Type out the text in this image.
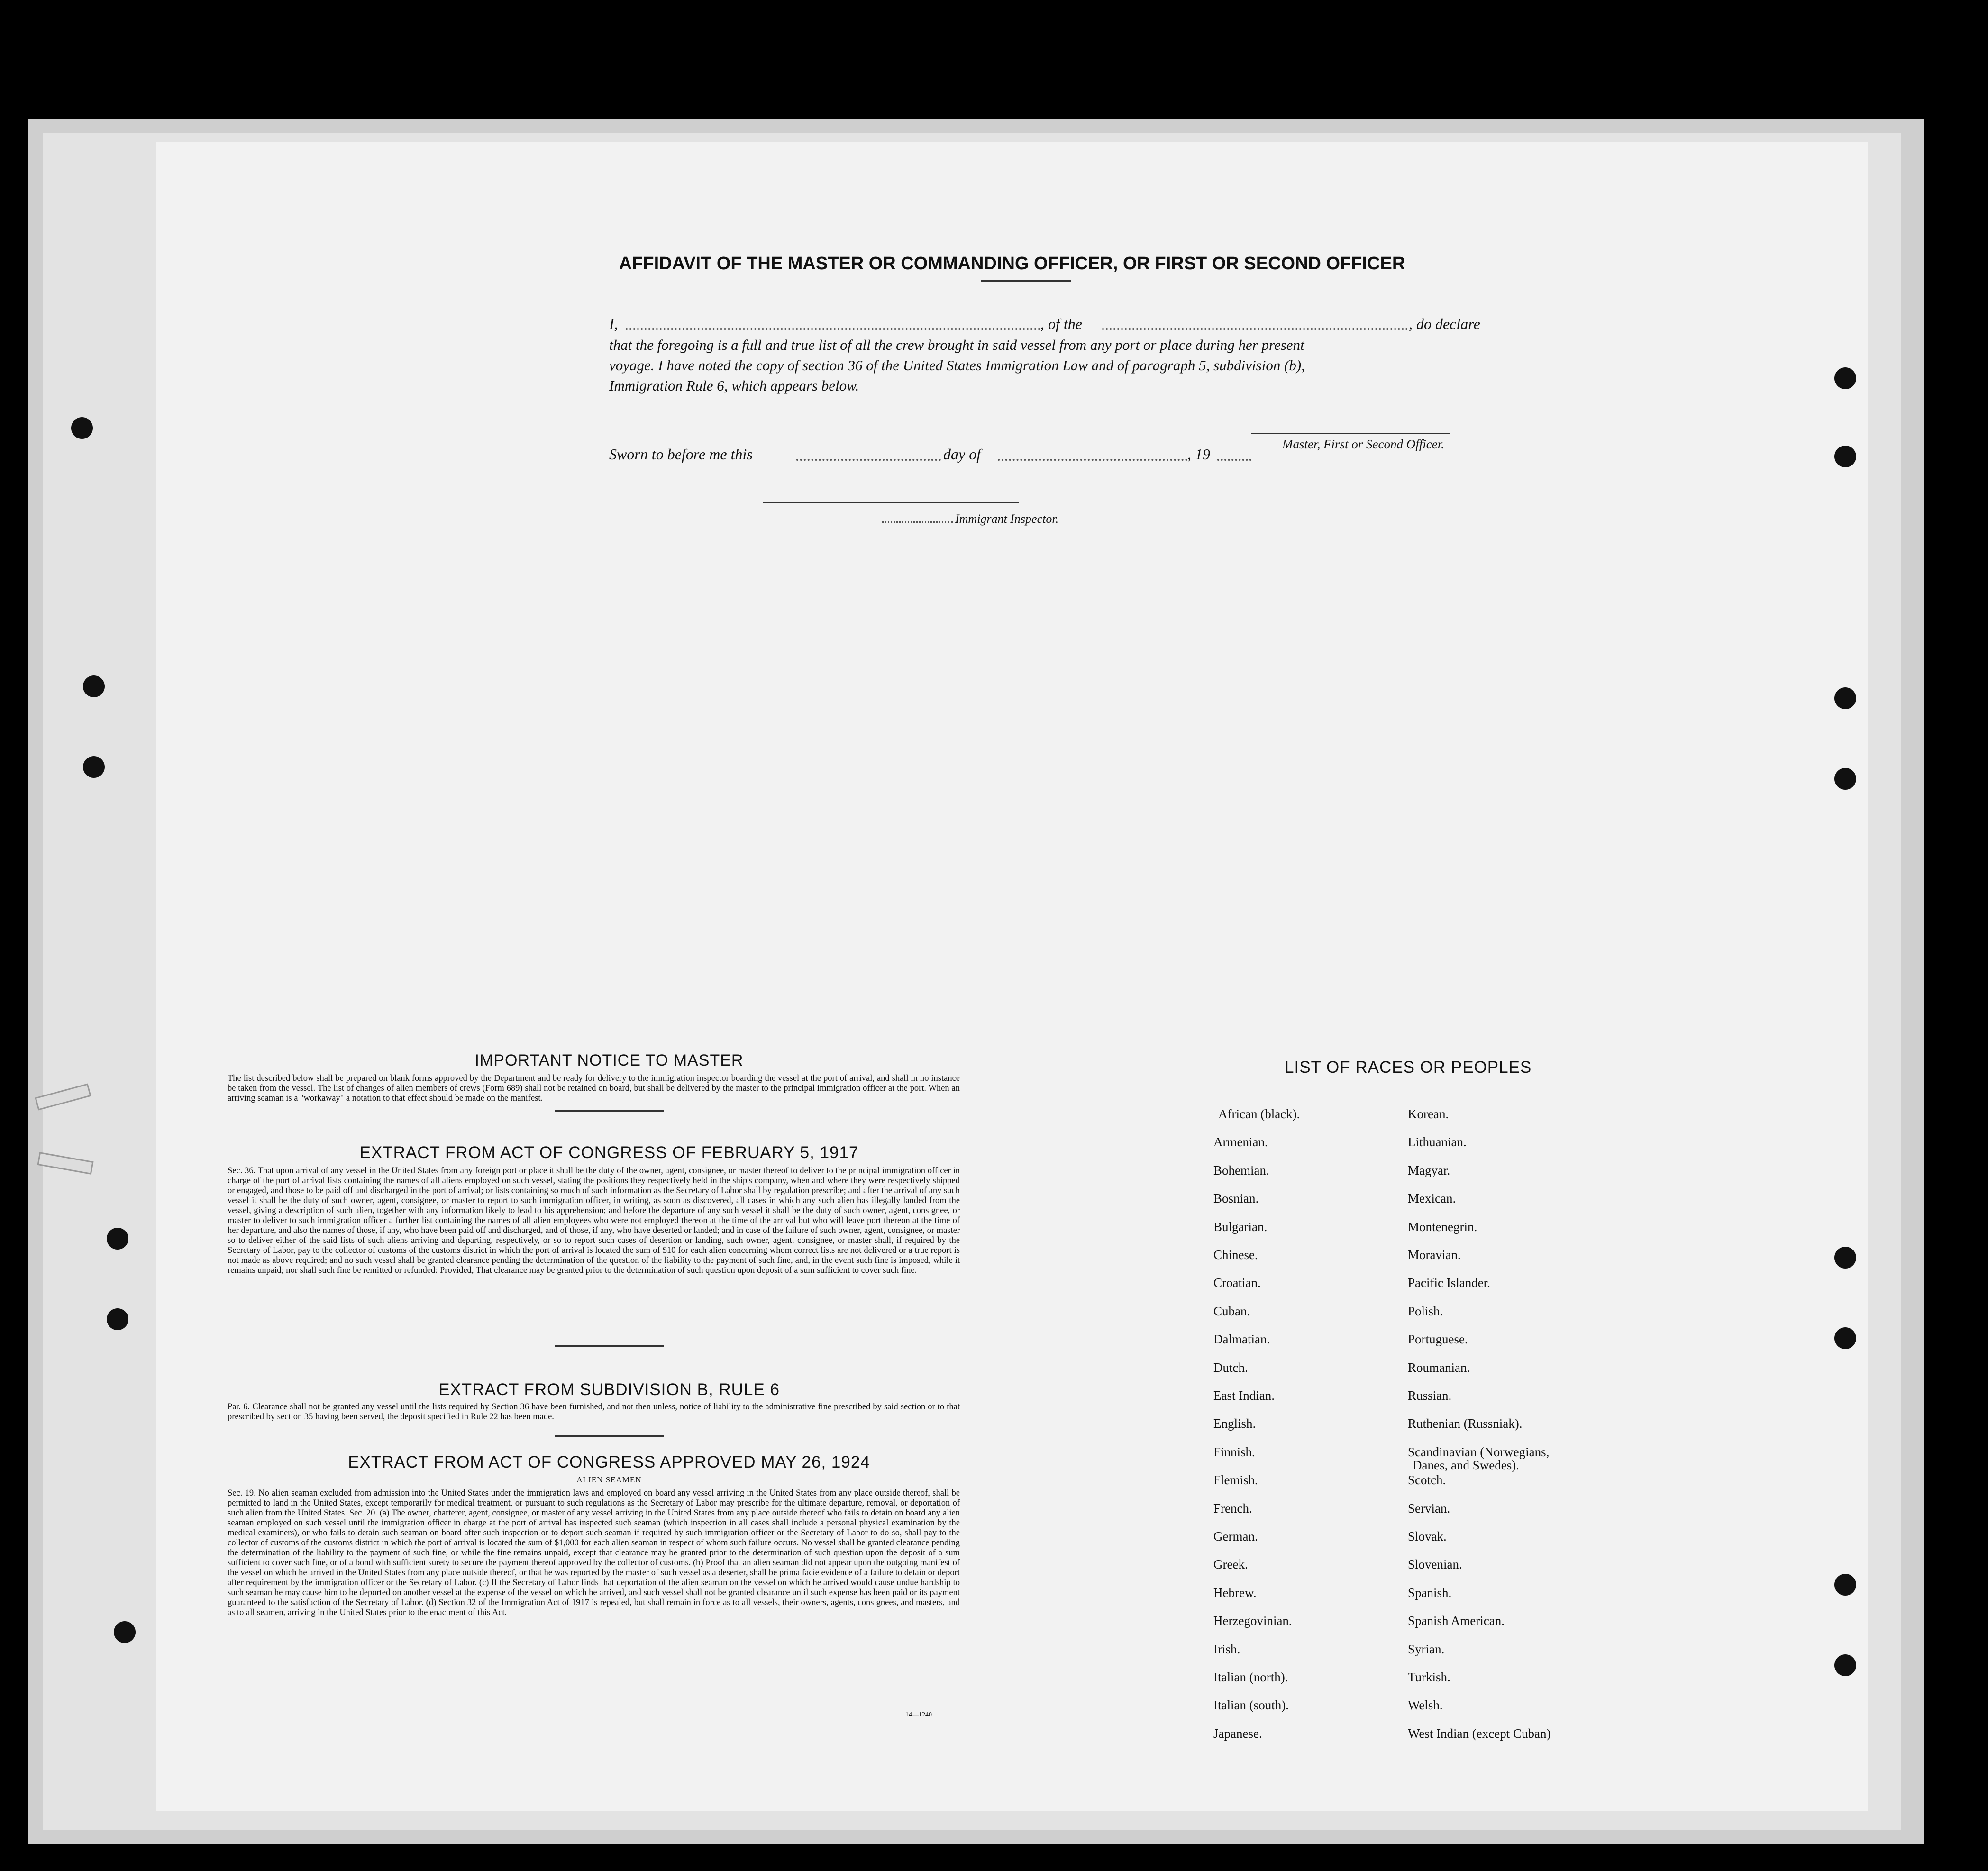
AFFIDAVIT OF THE MASTER OR COMMANDING OFFICER, OR FIRST OR SECOND OFFICER
I,	, of the	, do declare
that the foregoing is a full and true list of all the crew brought in said vessel from any port or place during her present
voyage. I have noted the copy of section 36 of the United States Immigration Law and of paragraph 5, subdivision (b),
Immigration Rule 6, which appears below.
Master, First or Second Officer.
Sworn to before me this	day of	, 19
Immigrant Inspector.
IMPORTANT NOTICE TO MASTER
The list described below shall be prepared on blank forms approved by the Department and be ready for delivery to the immigration inspector boarding the vessel at the port of arrival, and shall in no instance be taken from the vessel. The list of changes of alien members of crews (Form 689) shall not be retained on board, but shall be delivered by the master to the principal immigration officer at the port. When an arriving seaman is a "workaway" a notation to that effect should be made on the manifest.
EXTRACT FROM ACT OF CONGRESS OF FEBRUARY 5, 1917
Sec. 36. That upon arrival of any vessel in the United States from any foreign port or place it shall be the duty of the owner, agent, consignee, or master thereof to deliver to the principal immigration officer in charge of the port of arrival lists containing the names of all aliens employed on such vessel, stating the positions they respectively held in the ship's company, when and where they were respectively shipped or engaged, and those to be paid off and discharged in the port of arrival; or lists containing so much of such information as the Secretary of Labor shall by regulation prescribe; and after the arrival of any such vessel it shall be the duty of such owner, agent, consignee, or master to report to such immigration officer, in writing, as soon as discovered, all cases in which any such alien has illegally landed from the vessel, giving a description of such alien, together with any information likely to lead to his apprehension; and before the departure of any such vessel it shall be the duty of such owner, agent, consignee, or master to deliver to such immigration officer a further list containing the names of all alien employees who were not employed thereon at the time of the arrival but who will leave port thereon at the time of her departure, and also the names of those, if any, who have been paid off and discharged, and of those, if any, who have deserted or landed; and in case of the failure of such owner, agent, consignee, or master so to deliver either of the said lists of such aliens arriving and departing, respectively, or so to report such cases of desertion or landing, such owner, agent, consignee, or master shall, if required by the Secretary of Labor, pay to the collector of customs of the customs district in which the port of arrival is located the sum of $10 for each alien concerning whom correct lists are not delivered or a true report is not made as above required; and no such vessel shall be granted clearance pending the determination of the question of the liability to the payment of such fine, and, in the event such fine is imposed, while it remains unpaid; nor shall such fine be remitted or refunded: Provided, That clearance may be granted prior to the determination of such question upon deposit of a sum sufficient to cover such fine.
EXTRACT FROM SUBDIVISION B, RULE 6
Par. 6. Clearance shall not be granted any vessel until the lists required by Section 36 have been furnished, and not then unless, notice of liability to the administrative fine prescribed by said section or to that prescribed by section 35 having been served, the deposit specified in Rule 22 has been made.
EXTRACT FROM ACT OF CONGRESS APPROVED MAY 26, 1924
ALIEN SEAMEN
Sec. 19. No alien seaman excluded from admission into the United States under the immigration laws and employed on board any vessel arriving in the United States from any place outside thereof, shall be permitted to land in the United States, except temporarily for medical treatment, or pursuant to such regulations as the Secretary of Labor may prescribe for the ultimate departure, removal, or deportation of such alien from the United States. Sec. 20. (a) The owner, charterer, agent, consignee, or master of any vessel arriving in the United States from any place outside thereof who fails to detain on board any alien seaman employed on such vessel until the immigration officer in charge at the port of arrival has inspected such seaman (which inspection in all cases shall include a personal physical examination by the medical examiners), or who fails to detain such seaman on board after such inspection or to deport such seaman if required by such immigration officer or the Secretary of Labor to do so, shall pay to the collector of customs of the customs district in which the port of arrival is located the sum of $1,000 for each alien seaman in respect of whom such failure occurs. No vessel shall be granted clearance pending the determination of the liability to the payment of such fine, or while the fine remains unpaid, except that clearance may be granted prior to the determination of such question upon the deposit of a sum sufficient to cover such fine, or of a bond with sufficient surety to secure the payment thereof approved by the collector of customs. (b) Proof that an alien seaman did not appear upon the outgoing manifest of the vessel on which he arrived in the United States from any place outside thereof, or that he was reported by the master of such vessel as a deserter, shall be prima facie evidence of a failure to detain or deport after requirement by the immigration officer or the Secretary of Labor. (c) If the Secretary of Labor finds that deportation of the alien seaman on the vessel on which he arrived would cause undue hardship to such seaman he may cause him to be deported on another vessel at the expense of the vessel on which he arrived, and such vessel shall not be granted clearance until such expense has been paid or its payment guaranteed to the satisfaction of the Secretary of Labor. (d) Section 32 of the Immigration Act of 1917 is repealed, but shall remain in force as to all vessels, their owners, agents, consignees, and masters, and as to all seamen, arriving in the United States prior to the enactment of this Act.
14—1240
LIST OF RACES OR PEOPLES
African (black).
Armenian.
Bohemian.
Bosnian.
Bulgarian.
Chinese.
Croatian.
Cuban.
Dalmatian.
Dutch.
East Indian.
English.
Finnish.
Flemish.
French.
German.
Greek.
Hebrew.
Herzegovinian.
Irish.
Italian (north).
Italian (south).
Japanese.
Korean.
Lithuanian.
Magyar.
Mexican.
Montenegrin.
Moravian.
Pacific Islander.
Polish.
Portuguese.
Roumanian.
Russian.
Ruthenian (Russniak).
Scandinavian (Norwegians,
Danes, and Swedes).
Scotch.
Servian.
Slovak.
Slovenian.
Spanish.
Spanish American.
Syrian.
Turkish.
Welsh.
West Indian (except Cuban)
